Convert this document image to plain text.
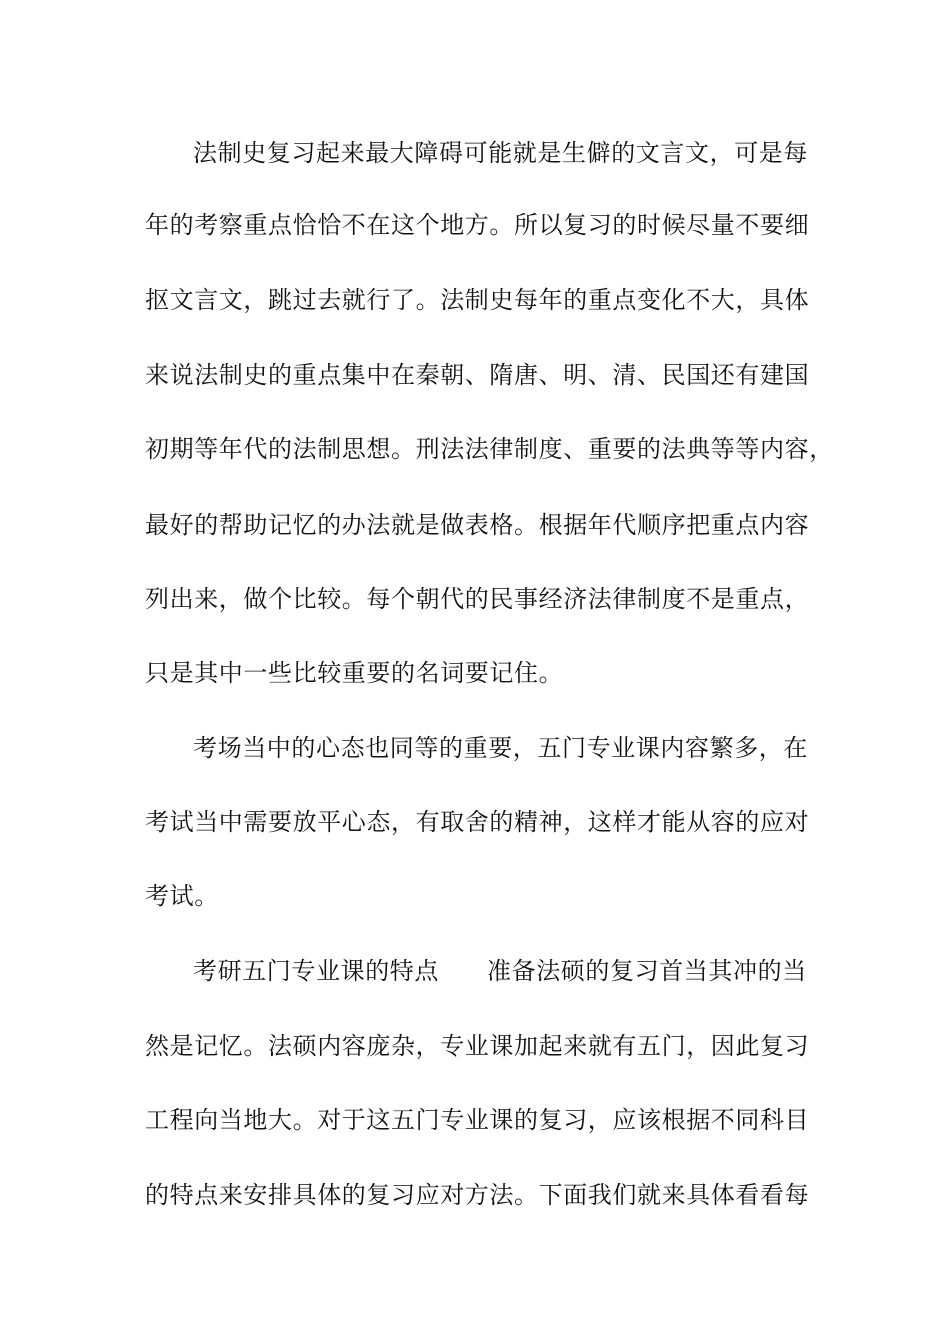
法制史复习起来最大障碍可能就是生僻的文言文，可是每
年的考察重点恰恰不在这个地方。所以复习的时候尽量不要细
抠文言文，跳过去就行了。法制史每年的重点变化不大，具体
来说法制史的重点集中在秦朝、隋唐、明、清、民国还有建国
初期等年代的法制思想。刑法法律制度、重要的法典等等内容，
最好的帮助记忆的办法就是做表格。根据年代顺序把重点内容
列出来，做个比较。每个朝代的民事经济法律制度不是重点，
只是其中一些比较重要的名词要记住。
考场当中的心态也同等的重要，五门专业课内容繁多，在
考试当中需要放平心态，有取舍的精神，这样才能从容的应对
考试。
考研五门专业课的特点 准备法硕的复习首当其冲的当
然是记忆。法硕内容庞杂，专业课加起来就有五门，因此复习
工程向当地大。对于这五门专业课的复习，应该根据不同科目
的特点来安排具体的复习应对方法。下面我们就来具体看看每
